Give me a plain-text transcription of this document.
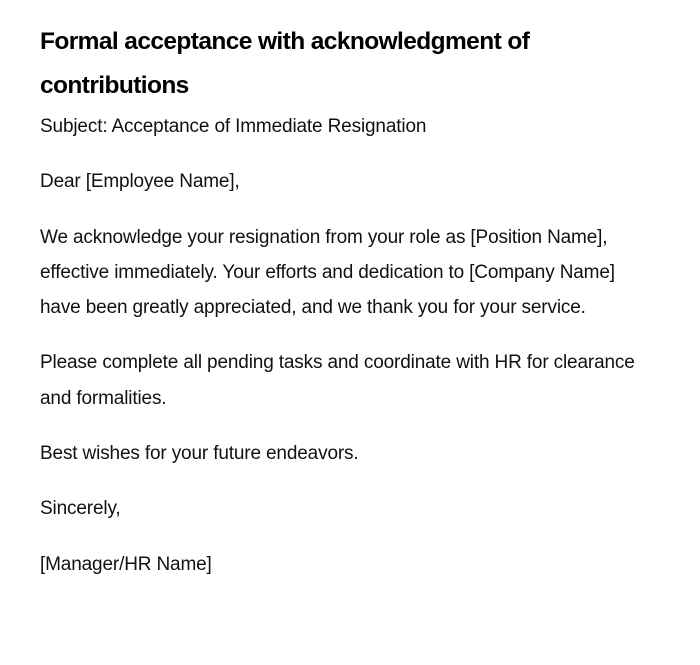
Formal acceptance with acknowledgment of contributions

Subject: Acceptance of Immediate Resignation

Dear [Employee Name],

We acknowledge your resignation from your role as [Position Name], effective immediately. Your efforts and dedication to [Company Name] have been greatly appreciated, and we thank you for your service.

Please complete all pending tasks and coordinate with HR for clearance and formalities.

Best wishes for your future endeavors.

Sincerely,

[Manager/HR Name]
